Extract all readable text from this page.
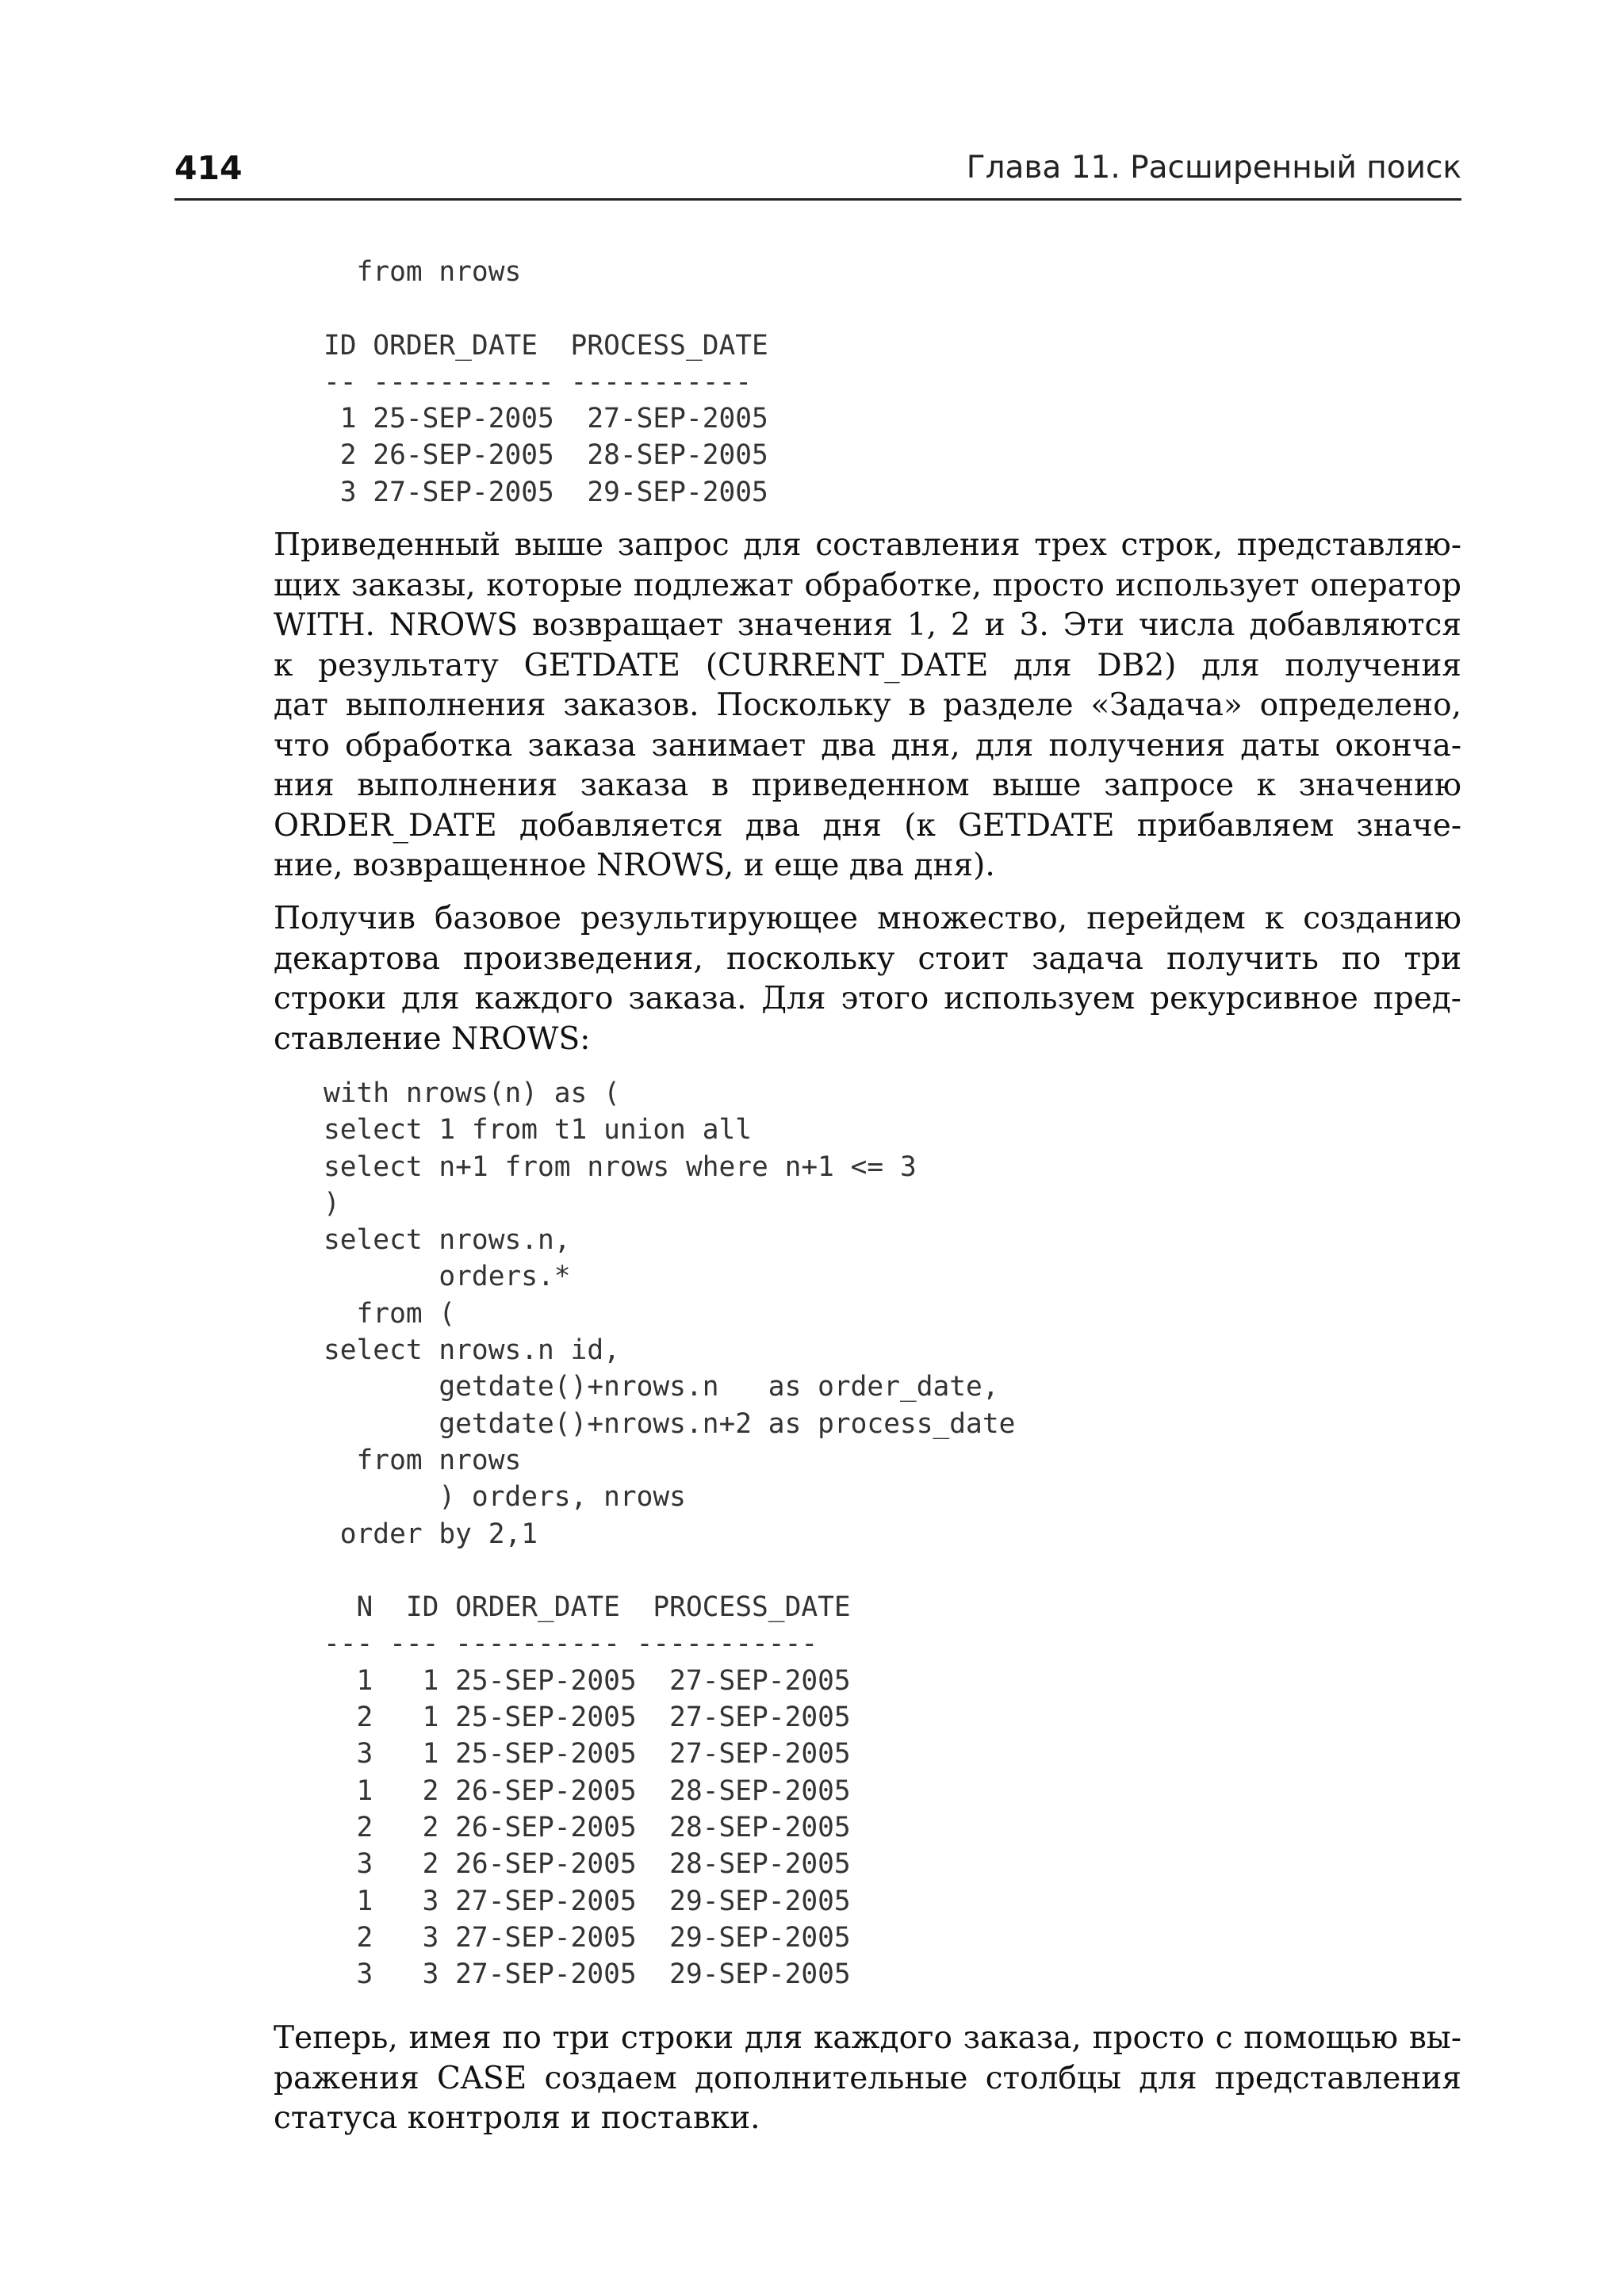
414	Глава 11. Расширенный поиск
from nrows
ID ORDER_DATE  PROCESS_DATE
-- ----------- -----------
1 25-SEP-2005  27-SEP-2005
2 26-SEP-2005  28-SEP-2005
3 27-SEP-2005  29-SEP-2005
Приведенный выше запрос для составления трех строк, представляю-
щих заказы, которые подлежат обработке, просто использует оператор
WITH. NROWS возвращает значения 1, 2 и 3. Эти числа добавляются
к результату GETDATE (CURRENT_DATE для DB2) для получения
дат выполнения заказов. Поскольку в разделе «Задача» определено,
что обработка заказа занимает два дня, для получения даты оконча-
ния выполнения заказа в приведенном выше запросе к значению
ORDER_DATE добавляется два дня (к GETDATE прибавляем значе-
ние, возвращенное NROWS, и еще два дня).
Получив базовое результирующее множество, перейдем к созданию
декартова произведения, поскольку стоит задача получить по три
строки для каждого заказа. Для этого используем рекурсивное пред-
ставление NROWS:
with nrows(n) as (
select 1 from t1 union all
select n+1 from nrows where n+1 <= 3
)
select nrows.n,
orders.*
from (
select nrows.n id,
getdate()+nrows.n   as order_date,
getdate()+nrows.n+2 as process_date
from nrows
) orders, nrows
order by 2,1
N  ID ORDER_DATE  PROCESS_DATE
--- --- ---------- -----------
1   1 25-SEP-2005  27-SEP-2005
2   1 25-SEP-2005  27-SEP-2005
3   1 25-SEP-2005  27-SEP-2005
1   2 26-SEP-2005  28-SEP-2005
2   2 26-SEP-2005  28-SEP-2005
3   2 26-SEP-2005  28-SEP-2005
1   3 27-SEP-2005  29-SEP-2005
2   3 27-SEP-2005  29-SEP-2005
3   3 27-SEP-2005  29-SEP-2005
Теперь, имея по три строки для каждого заказа, просто с помощью вы-
ражения CASE создаем дополнительные столбцы для представления
статуса контроля и поставки.
